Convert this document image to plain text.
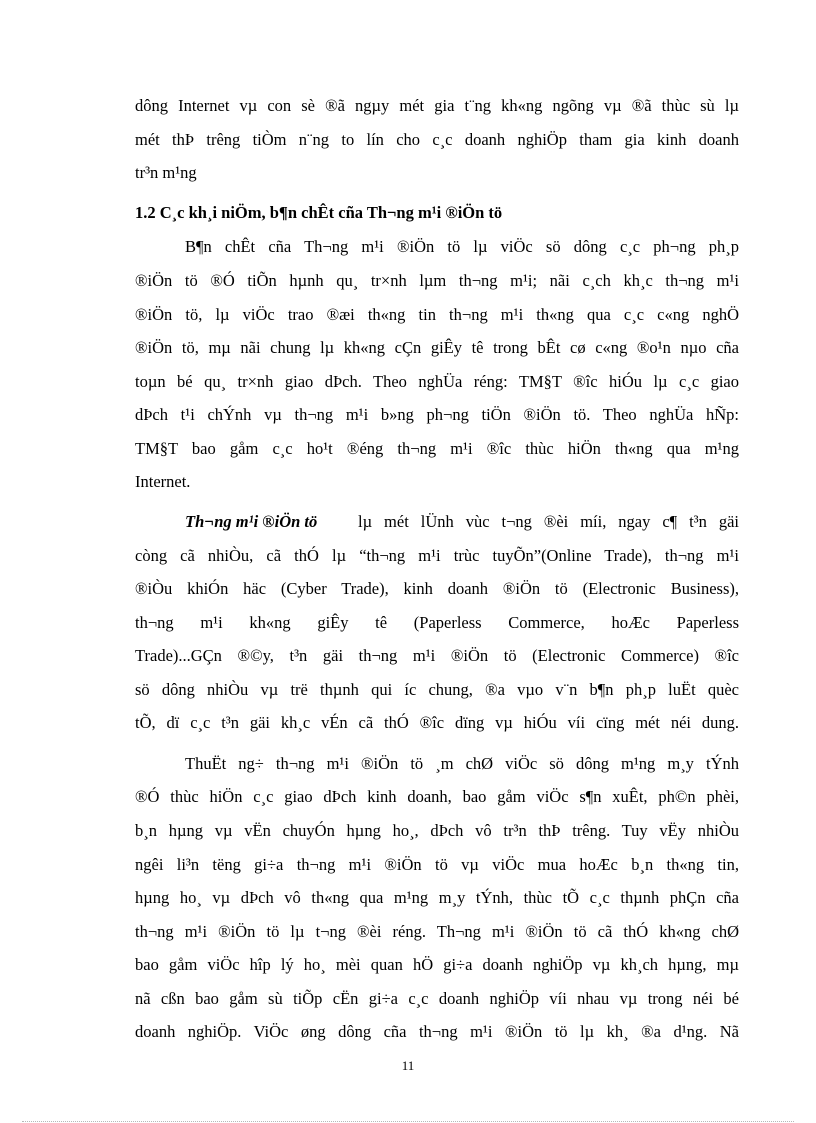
dông Internet vµ con sè ®ã ngµy mét gia t¨ng kh«ng ngõng vµ ®ã thùc sù lµ
mét thÞ trêng tiÒm n¨ng to lín cho c¸c doanh nghiÖp tham gia kinh doanh
tr³n m¹ng
1.2 C¸c kh¸i niÖm, b¶n chÊt cña Th¬ng m¹i ®iÖn tö
B¶n chÊt cña Th¬ng m¹i ®iÖn tö lµ viÖc sö dông c¸c ph¬ng ph¸p
®iÖn tö ®Ó tiÕn hµnh qu¸ tr×nh lµm th¬ng m¹i; nãi c¸ch kh¸c th¬ng m¹i
®iÖn tö, lµ viÖc trao ®æi th«ng tin th¬ng m¹i th«ng qua c¸c c«ng nghÖ
®iÖn tö, mµ nãi chung lµ kh«ng cÇn giÊy tê trong bÊt cø c«ng ®o¹n nµo cña
toµn bé qu¸ tr×nh giao dÞch. Theo nghÜa réng: TM§T ®îc hiÓu lµ c¸c giao
dÞch t¹i chÝnh vµ th¬ng m¹i b»ng ph¬ng tiÖn ®iÖn tö. Theo nghÜa hÑp:
TM§T bao gåm c¸c ho¹t ®éng th¬ng m¹i ®îc thùc hiÖn th«ng qua m¹ng
Internet.
Th¬ng m¹i ®iÖn tö	lµ mét lÜnh vùc t¬ng ®èi míi, ngay c¶ t³n gäi
còng cã nhiÒu, cã thÓ lµ “th¬ng m¹i trùc tuyÕn”(Online Trade), th¬ng m¹i
®iÒu khiÓn häc (Cyber Trade), kinh doanh ®iÖn tö (Electronic Business),
th¬ng m¹i kh«ng giÊy tê (Paperless Commerce, hoÆc Paperless
Trade)...GÇn ®©y, t³n gäi th¬ng m¹i ®iÖn tö (Electronic Commerce) ®îc
sö dông nhiÒu vµ trë thµnh qui íc chung, ®a vµo v¨n b¶n ph¸p luËt quèc
tÕ, dï c¸c t³n gäi kh¸c vÉn cã thÓ ®îc dïng vµ hiÓu víi cïng mét néi dung.
ThuËt ng÷ th¬ng m¹i ®iÖn tö ¸m chØ viÖc sö dông m¹ng m¸y tÝnh
®Ó thùc hiÖn c¸c giao dÞch kinh doanh, bao gåm viÖc s¶n xuÊt, ph©n phèi,
b¸n hµng vµ vËn chuyÓn hµng ho¸, dÞch vô tr³n thÞ trêng. Tuy vËy nhiÒu
ngêi li³n tëng gi÷a th¬ng m¹i ®iÖn tö vµ viÖc mua hoÆc b¸n th«ng tin,
hµng ho¸ vµ dÞch vô th«ng qua m¹ng m¸y tÝnh, thùc tÕ c¸c thµnh phÇn cña
th¬ng m¹i ®iÖn tö lµ t¬ng ®èi réng. Th¬ng m¹i ®iÖn tö cã thÓ kh«ng chØ
bao gåm viÖc hîp lý ho¸ mèi quan hÖ gi÷a doanh nghiÖp vµ kh¸ch hµng, mµ
nã cßn bao gåm sù tiÕp cËn gi÷a c¸c doanh nghiÖp víi nhau vµ trong néi bé
doanh nghiÖp. ViÖc øng dông cña th¬ng m¹i ®iÖn tö lµ kh¸ ®a d¹ng. Nã
11
